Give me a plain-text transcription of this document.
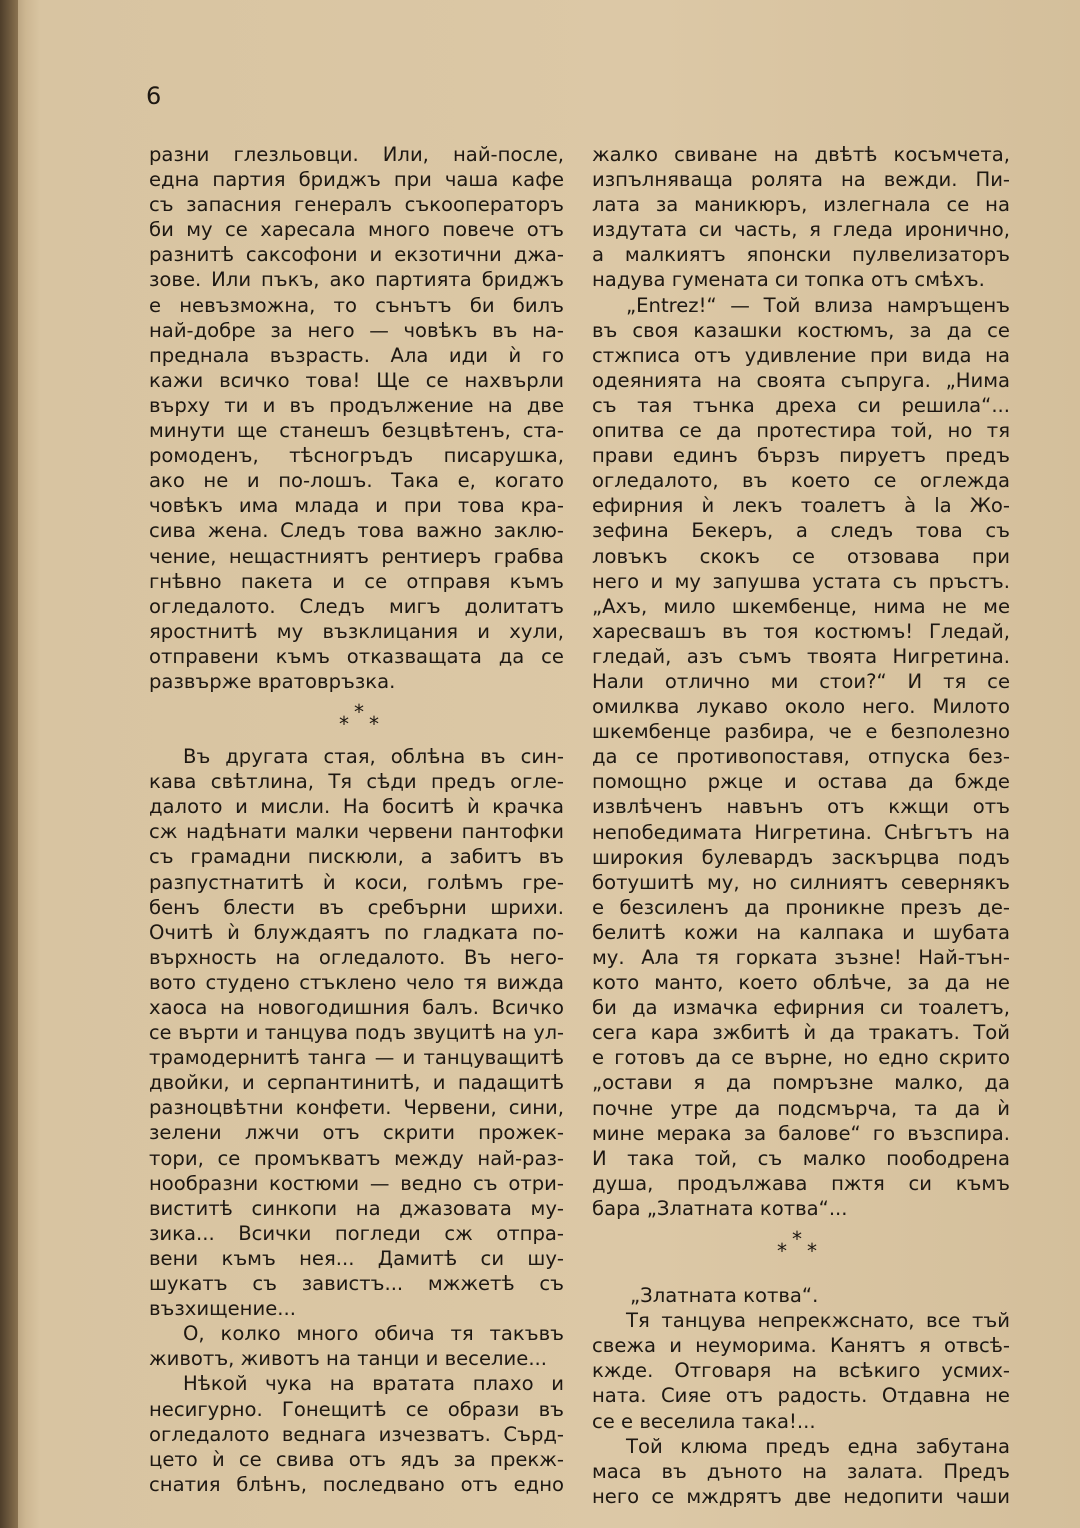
6
разни глезльовци. Или, най-после,
една партия бриджъ при чаша кафе
съ запасния генералъ съкооператоръ
би му се харесала много повече отъ
разнитѣ саксофони и екзотични джа-
зове. Или пъкъ, ако партията бриджъ
е невъзможна, то сънътъ би билъ
най-добре за него — човѣкъ въ на-
преднала възрасть. Ала иди ѝ го
кажи всичко това! Ще се нахвърли
върху ти и въ продължение на две
минути ще станешъ безцвѣтенъ, ста-
ромоденъ, тѣсногръдъ писарушка,
ако не и по-лошъ. Така е, когато
човѣкъ има млада и при това кра-
сива жена. Следъ това важно заклю-
чение, нещастниятъ рентиеръ грабва
гнѣвно пакета и се отправя къмъ
огледалото. Следъ мигъ долитатъ
яростнитѣ му възклицания и хули,
отправени къмъ отказващата да се
развърже вратовръзка.
* * *
Въ другата стая, облѣна въ син-
кава свѣтлина, Тя сѣди предъ огле-
далото и мисли. На боситѣ ѝ крачка
сж надѣнати малки червени пантофки
съ грамадни пискюли, а забитъ въ
разпустнатитѣ ѝ коси, голѣмъ гре-
бенъ блести въ сребърни шрихи.
Очитѣ ѝ блуждаятъ по гладката по-
върхность на огледалото. Въ него-
вото студено стъклено чело тя вижда
хаоса на новогодишния балъ. Всичко
се върти и танцува подъ звуцитѣ на ул-
трамодернитѣ танга — и танцуващитѣ
двойки, и серпантинитѣ, и падащитѣ
разноцвѣтни конфети. Червени, сини,
зелени лжчи отъ скрити прожек-
тори, се промъкватъ между най-раз-
нообразни костюми — ведно съ отри-
виститѣ синкопи на джазовата му-
зика... Всички погледи сж отпра-
вени къмъ нея... Дамитѣ си шу-
шукатъ съ завистъ... мжжетѣ съ
възхищение...
О, колко много обича тя такъвъ
животъ, животъ на танци и веселие...
Нѣкой чука на вратата плахо и
несигурно. Гонещитѣ се образи въ
огледалото веднага изчезватъ. Сърд-
цето ѝ се свива отъ ядъ за прекж-
снатия блѣнъ, последвано отъ едно
жалко свиване на двѣтѣ косъмчета,
изпълняваща ролята на вежди. Пи-
лата за маникюръ, излегнала се на
издутата си часть, я гледа иронично,
а малкиятъ японски пулвелизаторъ
надува гумената си топка отъ смѣхъ.
„Entrez!“ — Той влиза намръщенъ
въ своя казашки костюмъ, за да се
стжписа отъ удивление при вида на
одеянията на своята съпруга. „Нима
съ тая тънка дреха си решила“...
опитва се да протестира той, но тя
прави единъ бързъ пируетъ предъ
огледалото, въ което се оглежда
ефирния ѝ лекъ тоалетъ à la Жо-
зефина Бекеръ, а следъ това съ
ловъкъ скокъ се отзовава при
него и му запушва устата съ пръстъ.
„Ахъ, мило шкембенце, нима не ме
харесвашъ въ тоя костюмъ! Гледай,
гледай, азъ съмъ твоята Нигретина.
Нали отлично ми стои?“ И тя се
омилква лукаво около него. Милото
шкембенце разбира, че е безполезно
да се противопоставя, отпуска без-
помощно ржце и остава да бжде
извлѣченъ навънъ отъ кжщи отъ
непобедимата Нигретина. Снѣгътъ на
широкия булевардъ заскърцва подъ
ботушитѣ му, но силниятъ севернякъ
е безсиленъ да проникне презъ де-
белитѣ кожи на калпака и шубата
му. Ала тя горката зъзне! Най-тън-
кото манто, което облѣче, за да не
би да измачка ефирния си тоалетъ,
сега кара зжбитѣ ѝ да тракатъ. Той
е готовъ да се върне, но едно скрито
„остави я да помръзне малко, да
почне утре да подсмърча, та да ѝ
мине мерака за балове“ го възспира.
И така той, съ малко поободрена
душа, продължава пжтя си къмъ
бара „Златната котва“...
* * *
„Златната котва“.
Тя танцува непрекжснато, все тъй
свежа и неуморима. Канятъ я отвсѣ-
кжде. Отговаря на всѣкиго усмих-
ната. Сияе отъ радость. Отдавна не
се е веселила така!...
Той клюма предъ една забутана
маса въ дъното на залата. Предъ
него се мждрятъ две недопити чаши
